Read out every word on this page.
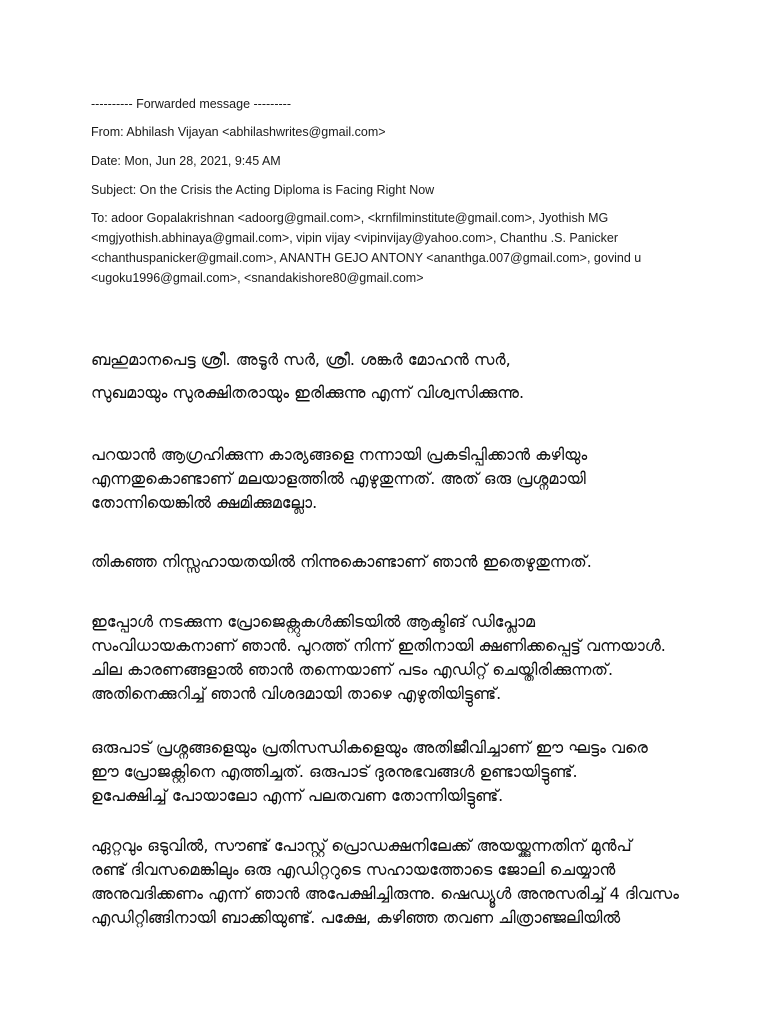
---------- Forwarded message ---------
From: Abhilash Vijayan <abhilashwrites@gmail.com>
Date: Mon, Jun 28, 2021, 9:45 AM
Subject: On the Crisis the Acting Diploma is Facing Right Now
To: adoor Gopalakrishnan <adoorg@gmail.com>, <krnfilminstitute@gmail.com>, Jyothish MG
<mgjyothish.abhinaya@gmail.com>, vipin vijay <vipinvijay@yahoo.com>, Chanthu .S. Panicker
<chanthuspanicker@gmail.com>, ANANTH GEJO ANTONY <ananthga.007@gmail.com>, govind u
<ugoku1996@gmail.com>, <snandakishore80@gmail.com>
ബഹുമാനപെട്ട ശ്രീ. അടൂർ സർ, ശ്രീ. ശങ്കർ മോഹൻ സർ,
സുഖമായും സുരക്ഷിതരായും ഇരിക്കുന്നു എന്ന് വിശ്വസിക്കുന്നു.
പറയാൻ ആഗ്രഹിക്കുന്ന കാര്യങ്ങളെ നന്നായി പ്രകടിപ്പിക്കാൻ കഴിയും
എന്നതുകൊണ്ടാണ് മലയാളത്തിൽ എഴുതുന്നത്. അത് ഒരു പ്രശ്നമായി
തോന്നിയെങ്കിൽ ക്ഷമിക്കുമല്ലോ.
തികഞ്ഞ നിസ്സഹായതയിൽ നിന്നുകൊണ്ടാണ് ഞാൻ ഇതെഴുതുന്നത്.
ഇപ്പോൾ നടക്കുന്ന പ്രോജെക്റ്റുകൾക്കിടയിൽ ആക്ടിങ് ഡിപ്ലോമ
സംവിധായകനാണ് ഞാൻ. പുറത്ത് നിന്ന് ഇതിനായി ക്ഷണിക്കപ്പെട്ട് വന്നയാൾ.
ചില കാരണങ്ങളാൽ ഞാൻ തന്നെയാണ് പടം എഡിറ്റ് ചെയ്തിരിക്കുന്നത്.
അതിനെക്കുറിച്ച് ഞാൻ വിശദമായി താഴെ എഴുതിയിട്ടുണ്ട്.
ഒരുപാട് പ്രശ്നങ്ങളെയും പ്രതിസന്ധികളെയും അതിജീവിച്ചാണ് ഈ ഘട്ടം വരെ
ഈ പ്രോജക്റ്റിനെ എത്തിച്ചത്. ഒരുപാട് ദുരനുഭവങ്ങൾ ഉണ്ടായിട്ടുണ്ട്.
ഉപേക്ഷിച്ച് പോയാലോ എന്ന് പലതവണ തോന്നിയിട്ടുണ്ട്.
ഏറ്റവും ഒടുവിൽ, സൗണ്ട് പോസ്റ്റ് പ്രൊഡക്ഷനിലേക്ക് അയയ്ക്കുന്നതിന് മുൻപ്
രണ്ട് ദിവസമെങ്കിലും ഒരു എഡിറ്ററുടെ സഹായത്തോടെ ജോലി ചെയ്യാൻ
അനുവദിക്കണം എന്ന് ഞാൻ അപേക്ഷിച്ചിരുന്നു. ഷെഡ്യൂൾ അനുസരിച്ച് 4 ദിവസം
എഡിറ്റിങ്ങിനായി ബാക്കിയുണ്ട്. പക്ഷേ, കഴിഞ്ഞ തവണ ചിത്രാഞ്ജലിയിൽ
